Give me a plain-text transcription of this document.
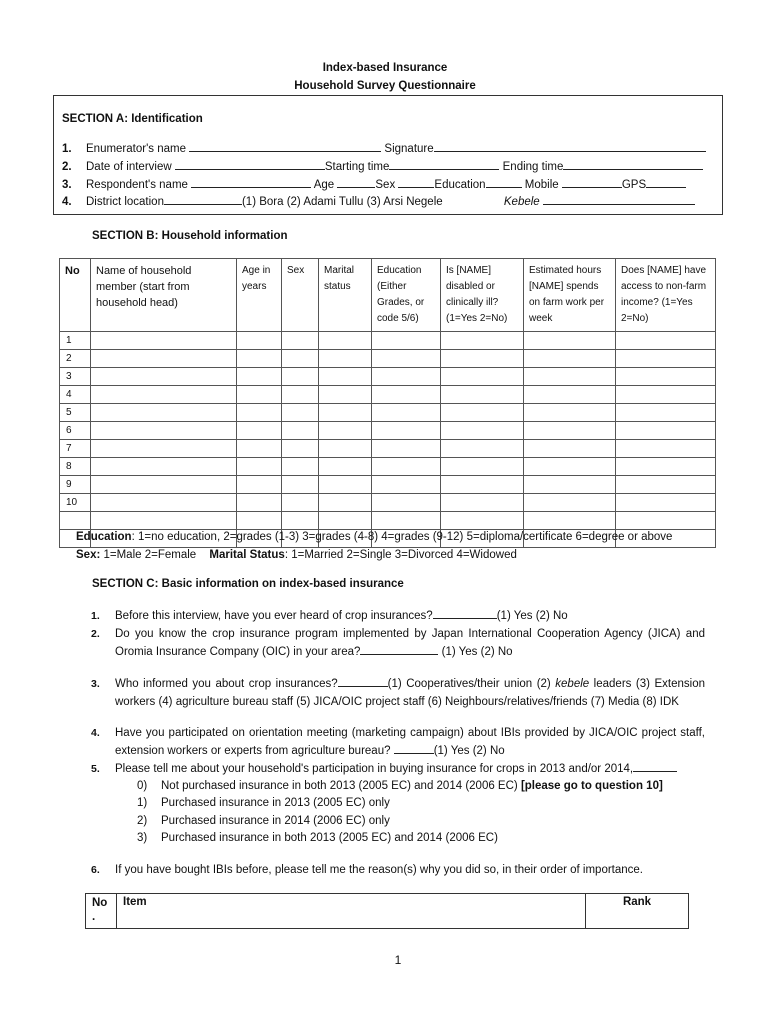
Index-based Insurance
Household Survey Questionnaire
SECTION A: Identification
1. Enumerator's name	Signature
2. Date of interview	Starting time	Ending time
3. Respondent's name	Age	Sex	Education	Mobile	GPS
4. District location	(1) Bora (2) Adami Tullu (3) Arsi Negele	Kebele
SECTION B: Household information
No	Name of household member (start from household head)	Age in years	Sex	Marital status	Education (Either Grades, or code 5/6)	Is [NAME] disabled or clinically ill? (1=Yes 2=No)	Estimated hours [NAME] spends on farm work per week	Does [NAME] have access to non-farm income? (1=Yes 2=No)
1								
2								
3								
4								
5								
6								
7								
8								
9								
10								

Education: 1=no education, 2=grades (1-3) 3=grades (4-8) 4=grades (9-12) 5=diploma/certificate 6=degree or above
Sex: 1=Male 2=Female Marital Status: 1=Married 2=Single 3=Divorced 4=Widowed
SECTION C: Basic information on index-based insurance
1. Before this interview, have you ever heard of crop insurances?	(1) Yes (2) No
2. Do you know the crop insurance program implemented by Japan International Cooperation Agency (JICA) and Oromia Insurance Company (OIC) in your area?	(1) Yes (2) No
3. Who informed you about crop insurances?	(1) Cooperatives/their union (2) kebele leaders (3) Extension workers (4) agriculture bureau staff (5) JICA/OIC project staff (6) Neighbours/relatives/friends (7) Media (8) IDK
4. Have you participated on orientation meeting (marketing campaign) about IBIs provided by JICA/OIC project staff, extension workers or experts from agriculture bureau?	(1) Yes (2) No
5. Please tell me about your household's participation in buying insurance for crops in 2013 and/or 2014,
0) Not purchased insurance in both 2013 (2005 EC) and 2014 (2006 EC) [please go to question 10]
1) Purchased insurance in 2013 (2005 EC) only
2) Purchased insurance in 2014 (2006 EC) only
3) Purchased insurance in both 2013 (2005 EC) and 2014 (2006 EC)
6. If you have bought IBIs before, please tell me the reason(s) why you did so, in their order of importance.
No
.	Item	Rank
1
